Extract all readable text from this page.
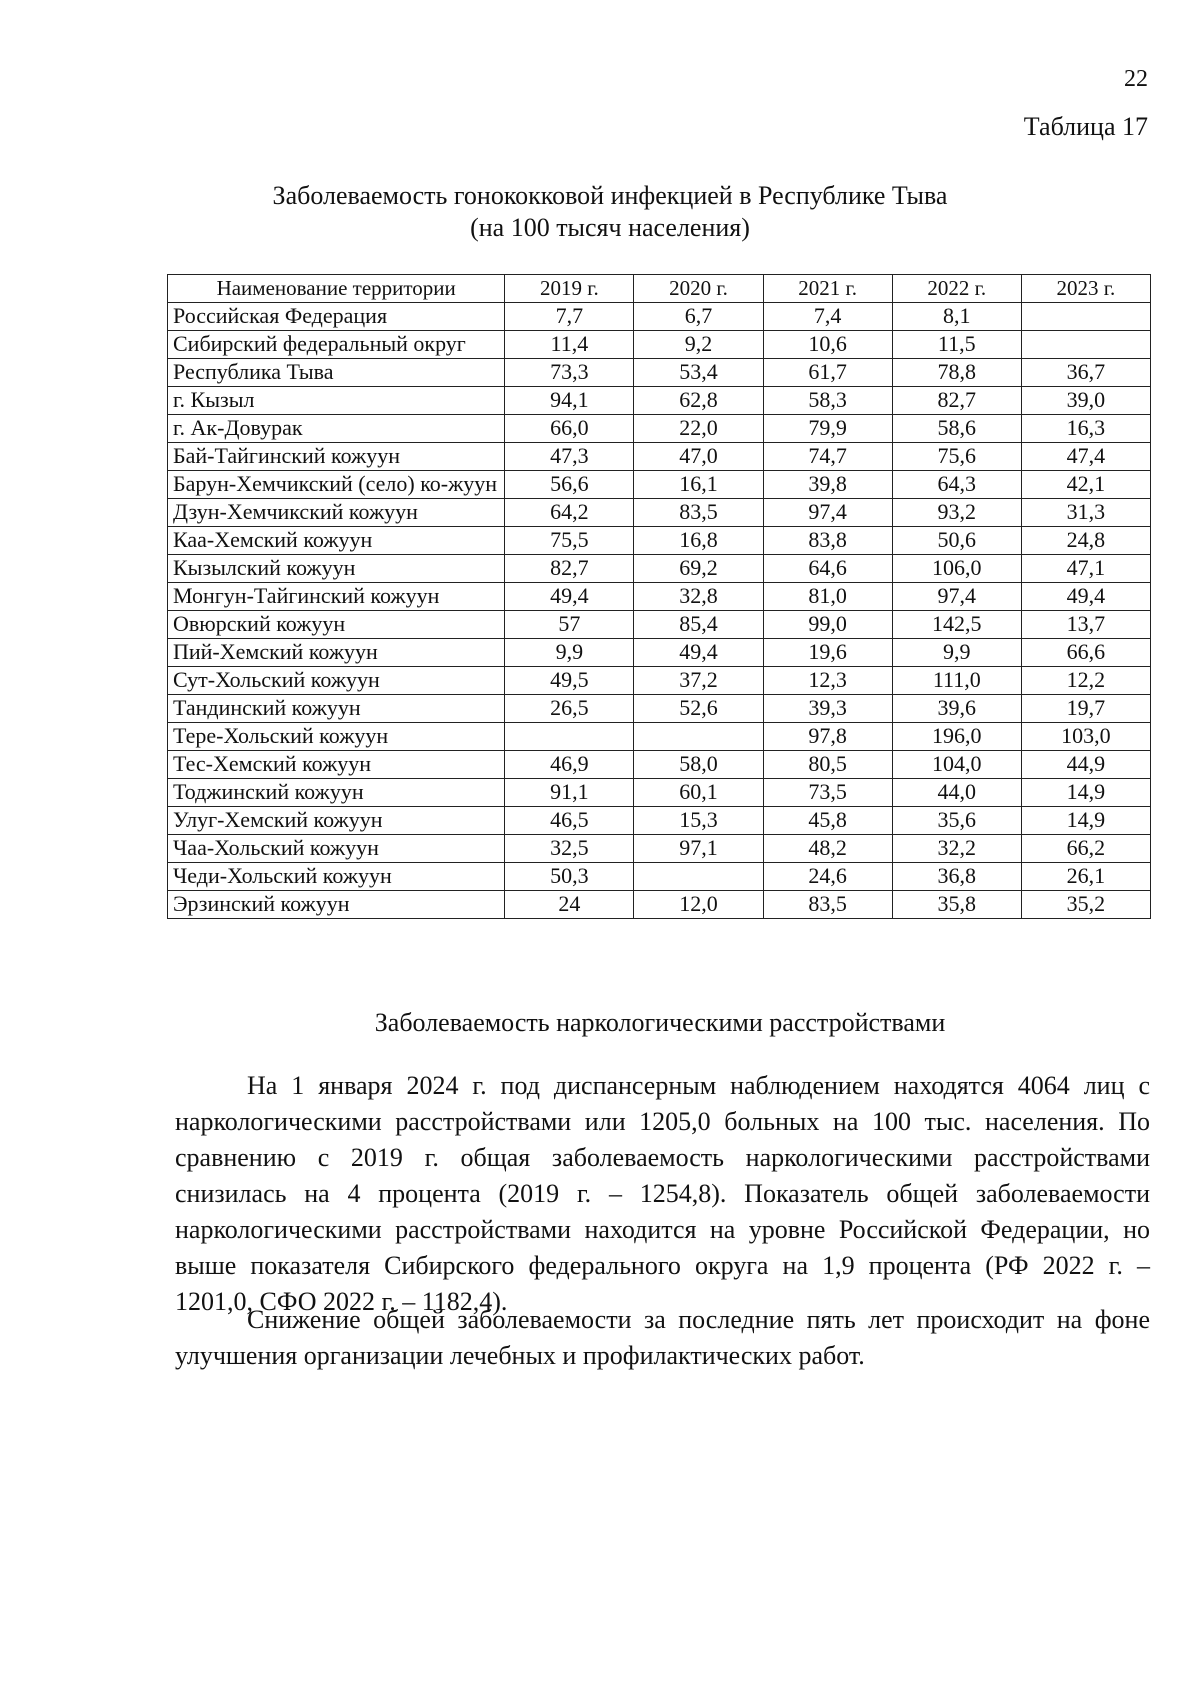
22
Таблица 17
Заболеваемость гонококковой инфекцией в Республике Тыва
(на 100 тысяч населения)
Наименование территории	2019 г.	2020 г.	2021 г.	2022 г.	2023 г.
Российская Федерация	7,7	6,7	7,4	8,1	
Сибирский федеральный округ	11,4	9,2	10,6	11,5	
Республика Тыва	73,3	53,4	61,7	78,8	36,7
г. Кызыл	94,1	62,8	58,3	82,7	39,0
г. Ак-Довурак	66,0	22,0	79,9	58,6	16,3
Бай-Тайгинский кожуун	47,3	47,0	74,7	75,6	47,4
Барун-Хемчикский (село) ко-жуун	56,6	16,1	39,8	64,3	42,1
Дзун-Хемчикский кожуун	64,2	83,5	97,4	93,2	31,3
Каа-Хемский кожуун	75,5	16,8	83,8	50,6	24,8
Кызылский кожуун	82,7	69,2	64,6	106,0	47,1
Монгун-Тайгинский кожуун	49,4	32,8	81,0	97,4	49,4
Овюрский кожуун	57	85,4	99,0	142,5	13,7
Пий-Хемский кожуун	9,9	49,4	19,6	9,9	66,6
Сут-Хольский кожуун	49,5	37,2	12,3	111,0	12,2
Тандинский кожуун	26,5	52,6	39,3	39,6	19,7
Тере-Хольский кожуун			97,8	196,0	103,0
Тес-Хемский кожуун	46,9	58,0	80,5	104,0	44,9
Тоджинский кожуун	91,1	60,1	73,5	44,0	14,9
Улуг-Хемский кожуун	46,5	15,3	45,8	35,6	14,9
Чаа-Хольский кожуун	32,5	97,1	48,2	32,2	66,2
Чеди-Хольский кожуун	50,3		24,6	36,8	26,1
Эрзинский кожуун	24	12,0	83,5	35,8	35,2
Заболеваемость наркологическими расстройствами

На 1 января 2024 г. под диспансерным наблюдением находятся 4064 лиц с наркологическими расстройствами или 1205,0 больных на 100 тыс. населения. По сравнению с 2019 г. общая заболеваемость наркологическими расстройствами снизилась на 4 процента (2019 г. – 1254,8). Показатель общей заболеваемости наркологическими расстройствами находится на уровне Российской Федерации, но выше показателя Сибирского федерального округа на 1,9 процента (РФ 2022 г. – 1201,0, СФО 2022 г. – 1182,4).

Снижение общей заболеваемости за последние пять лет происходит на фоне улучшения организации лечебных и профилактических работ.
